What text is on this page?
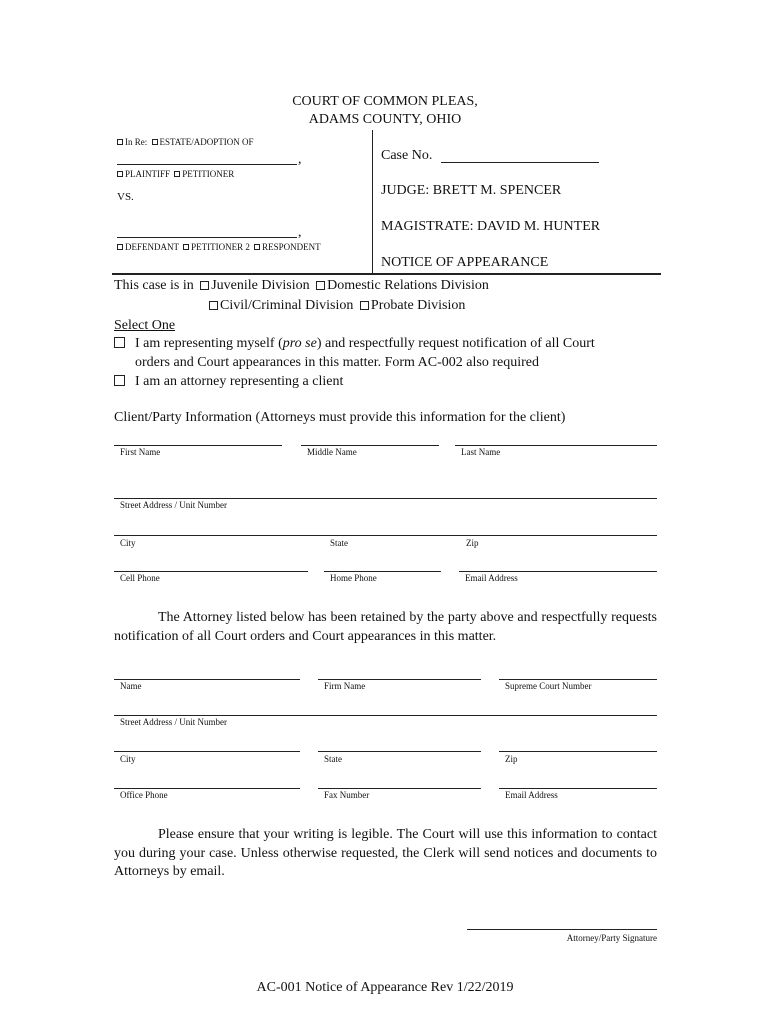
COURT OF COMMON PLEAS,
ADAMS COUNTY, OHIO
In Re: ESTATE/ADOPTION OF
,
PLAINTIFF PETITIONER
VS.
,
DEFENDANT PETITIONER 2 RESPONDENT
Case No.
JUDGE: BRETT M. SPENCER
MAGISTRATE: DAVID M. HUNTER
NOTICE OF APPEARANCE
This case is in Juvenile Division Domestic Relations Division
Civil/Criminal Division Probate Division
Select One
I am representing myself (pro se) and respectfully request notification of all Court
orders and Court appearances in this matter. Form AC-002 also required
I am an attorney representing a client
Client/Party Information (Attorneys must provide this information for the client)
First Name	Middle Name	Last Name
Street Address / Unit Number
City	State	Zip
Cell Phone	Home Phone	Email Address
The Attorney listed below has been retained by the party above and respectfully requests notification of all Court orders and Court appearances in this matter.
Name	Firm Name	Supreme Court Number
Street Address / Unit Number
City	State	Zip
Office Phone	Fax Number	Email Address
Please ensure that your writing is legible. The Court will use this information to contact you during your case. Unless otherwise requested, the Clerk will send notices and documents to Attorneys by email.
Attorney/Party Signature
AC-001 Notice of Appearance Rev 1/22/2019
